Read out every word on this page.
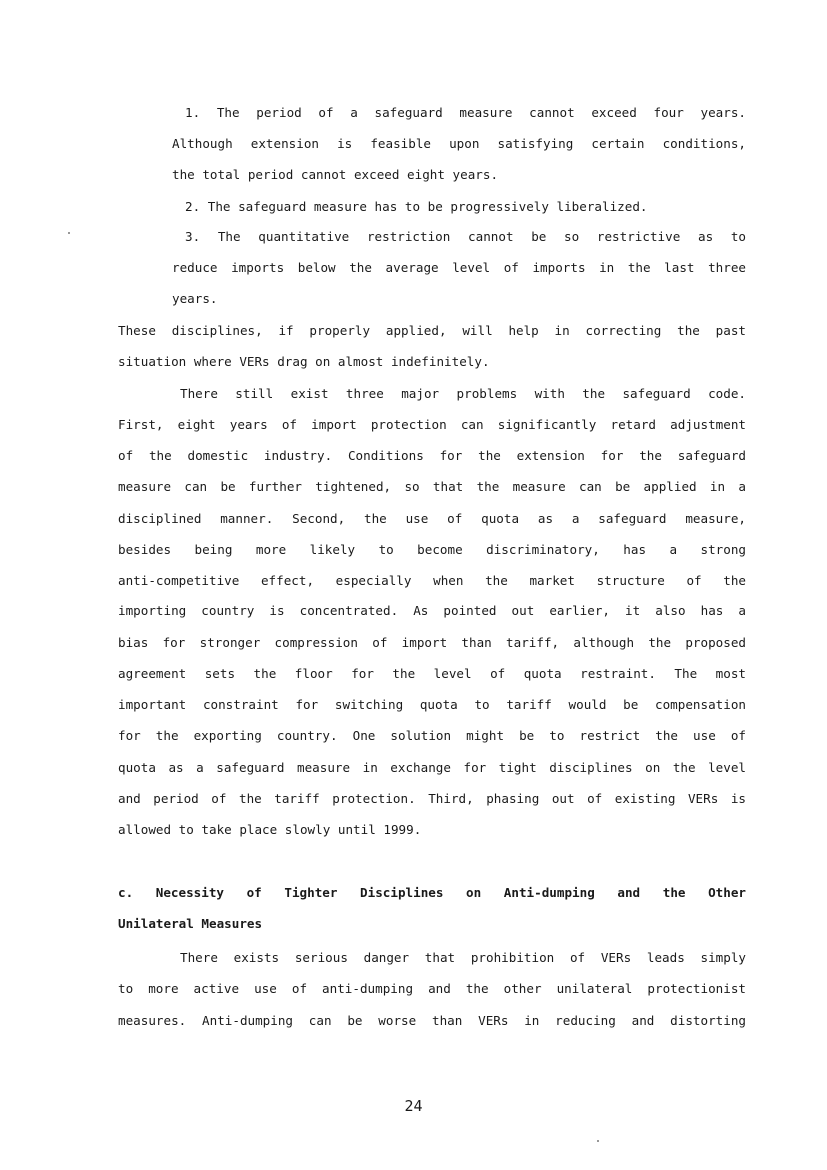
1. The period of a safeguard measure cannot exceed four years.
Although extension is feasible upon satisfying certain conditions,
the total period cannot exceed eight years.
2. The safeguard measure has to be progressively liberalized.
3. The quantitative restriction cannot be so restrictive as to
reduce imports below the average level of imports in the last three
years.
These disciplines, if properly applied, will help in correcting the past
situation where VERs drag on almost indefinitely.
There still exist three major problems with the safeguard code.
First, eight years of import protection can significantly retard adjustment
of the domestic industry. Conditions for the extension for the safeguard
measure can be further tightened, so that the measure can be applied in a
disciplined manner. Second, the use of quota as a safeguard measure,
besides being more likely to become discriminatory, has a strong
anti-competitive effect, especially when the market structure of the
importing country is concentrated. As pointed out earlier, it also has a
bias for stronger compression of import than tariff, although the proposed
agreement sets the floor for the level of quota restraint. The most
important constraint for switching quota to tariff would be compensation
for the exporting country. One solution might be to restrict the use of
quota as a safeguard measure in exchange for tight disciplines on the level
and period of the tariff protection. Third, phasing out of existing VERs is
allowed to take place slowly until 1999.
c. Necessity of Tighter Disciplines on Anti-dumping and the Other
Unilateral Measures
There exists serious danger that prohibition of VERs leads simply
to more active use of anti-dumping and the other unilateral protectionist
measures. Anti-dumping can be worse than VERs in reducing and distorting
24
